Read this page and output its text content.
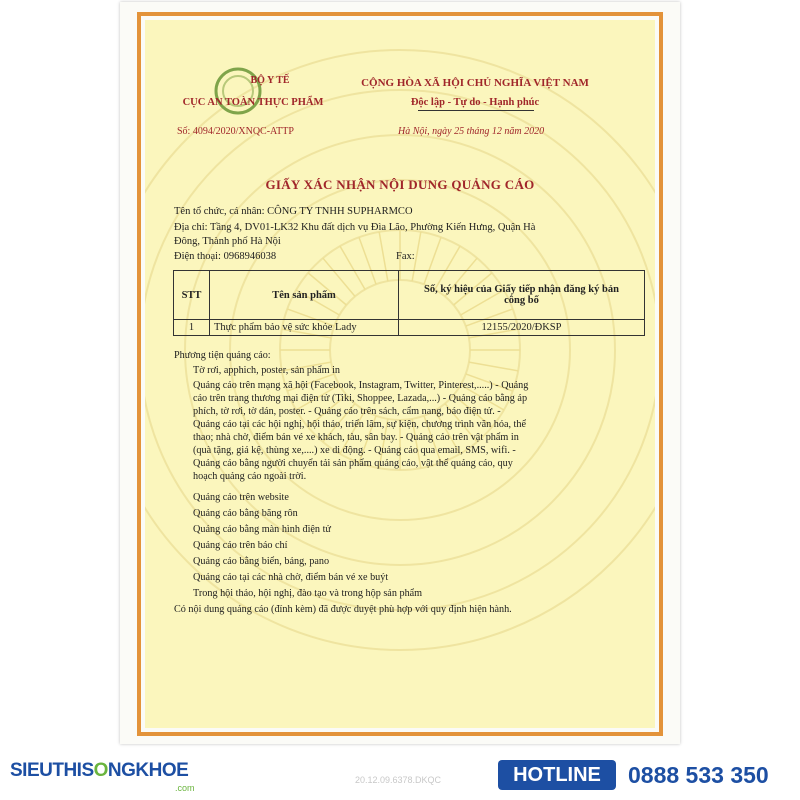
BỘ Y TẾ
CỤC AN TOÀN THỰC PHẨM
CỘNG HÒA XÃ HỘI CHỦ NGHĨA VIỆT NAM
Độc lập - Tự do - Hạnh phúc
Số: 4094/2020/XNQC-ATTP	Hà Nội, ngày 25 tháng 12 năm 2020
GIẤY XÁC NHẬN NỘI DUNG QUẢNG CÁO
Tên tổ chức, cá nhân: CÔNG TY TNHH SUPHARMCO
Địa chỉ: Tầng 4, DV01-LK32 Khu đất dịch vụ Đìa Lão, Phường Kiến Hưng, Quận Hà
Đông, Thành phố Hà Nội
Điện thoại: 0968946038	Fax:
STT	Tên sản phẩm	Số, ký hiệu của Giấy tiếp nhận đăng ký bản
công bố

1	Thực phẩm bảo vệ sức khỏe Lady	12155/2020/ĐKSP
Phương tiện quảng cáo:
Tờ rơi, apphich, poster, sản phẩm in
Quảng cáo trên mạng xã hội (Facebook, Instagram, Twitter, Pinterest,.....) - Quảng
cáo trên trang thương mại điện tử (Tiki, Shoppee, Lazada,...) - Quảng cáo bằng áp
phích, tờ rơi, tờ dán, poster. - Quảng cáo trên sách, cẩm nang, báo điện tử. -
Quảng cáo tại các hội nghị, hội thảo, triển lãm, sự kiện, chương trình văn hóa, thể
thao; nhà chờ, điểm bán vé xe khách, tàu, sân bay. - Quảng cáo trên vật phẩm in
(quà tặng, giá kệ, thùng xe,....) xe di động. - Quảng cáo qua email, SMS, wifi. -
Quảng cáo bằng người chuyển tải sản phẩm quảng cáo, vật thể quảng cáo, quy
hoạch quảng cáo ngoài trời.
Quảng cáo trên website
Quảng cáo bằng băng rôn
Quảng cáo bằng màn hình điện tử
Quảng cáo trên báo chí
Quảng cáo bằng biển, bảng, pano
Quảng cáo tại các nhà chờ, điểm bán vé xe buýt
Trong hội thảo, hội nghị, đào tạo và trong hộp sản phẩm
Có nội dung quảng cáo (đính kèm) đã được duyệt phù hợp với quy định hiện hành.
SIEUTHISONGKHOE
.com
20.12.09.6378.DKQC	HOTLINE	0888 533 350
